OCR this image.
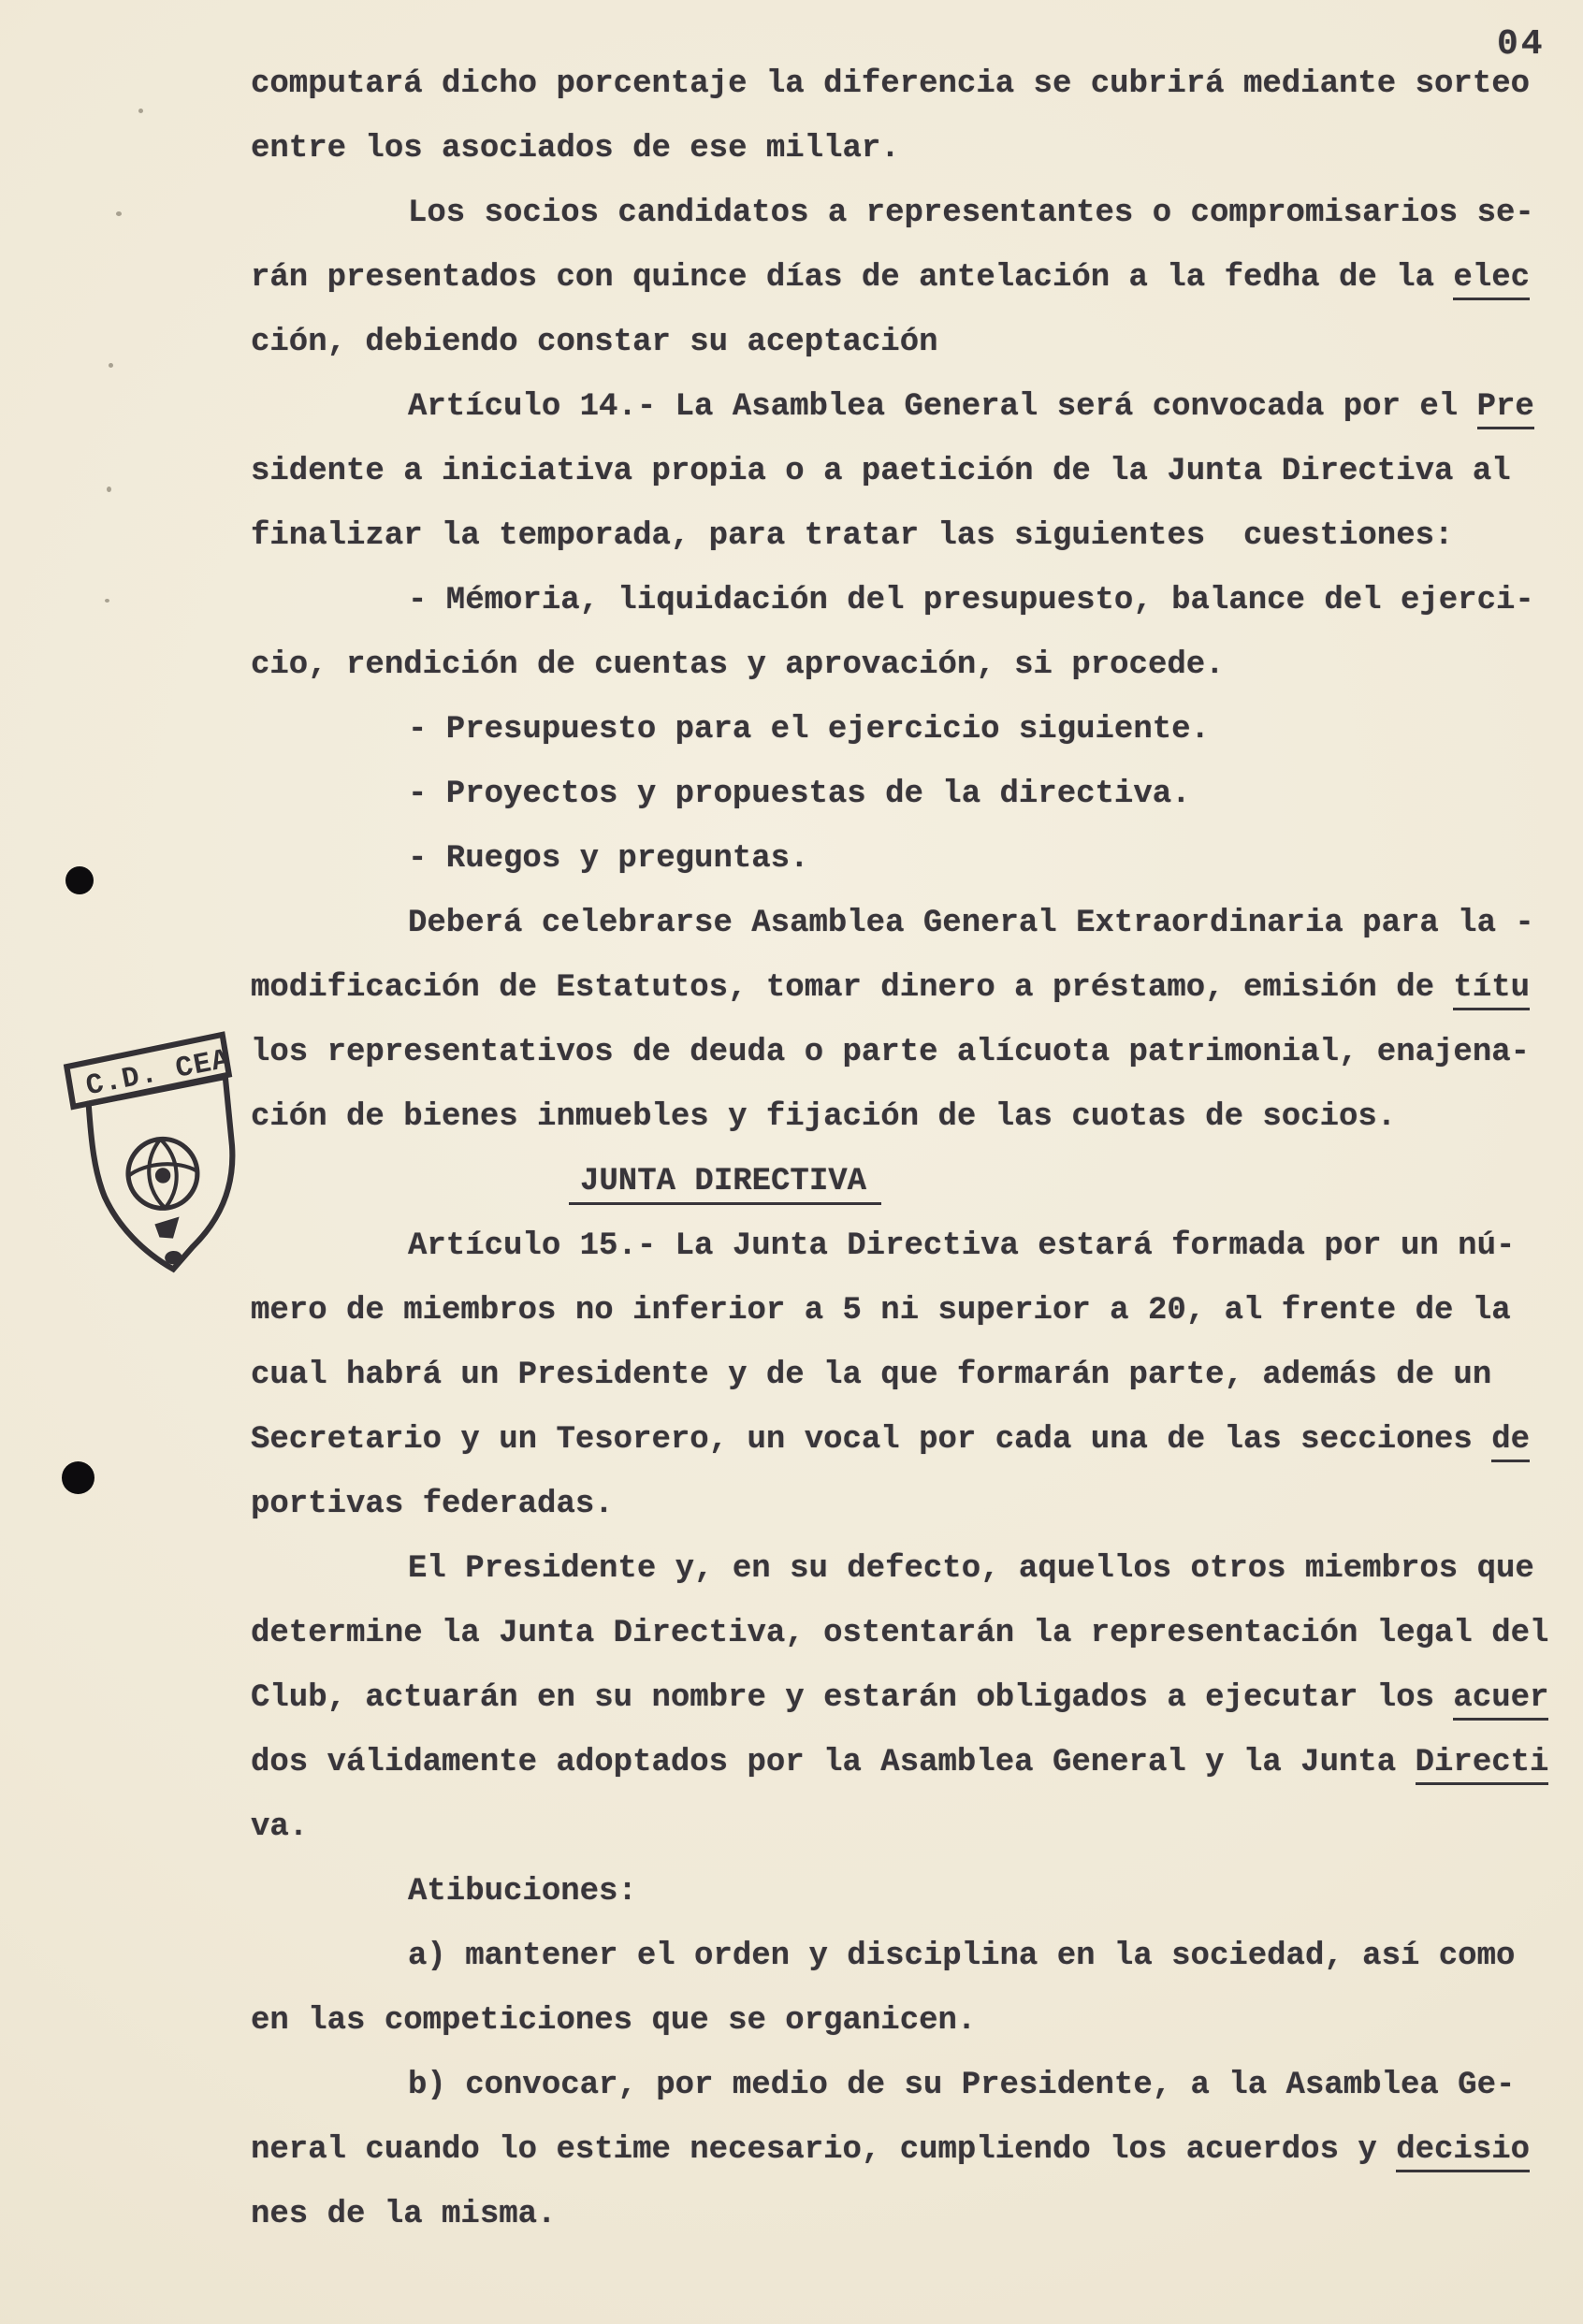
04
computará dicho porcentaje la diferencia se cubrirá mediante sorteo
entre los asociados de ese millar.
Los socios candidatos a representantes o compromisarios se-
rán presentados con quince días de antelación a la fedha de la elec
ción, debiendo constar su aceptación
Artículo 14.- La Asamblea General será convocada por el Pre
sidente a iniciativa propia o a paetición de la Junta Directiva al
finalizar la temporada, para tratar las siguientes  cuestiones:
- Mémoria, liquidación del presupuesto, balance del ejerci-
cio, rendición de cuentas y aprovación, si procede.
- Presupuesto para el ejercicio siguiente.
- Proyectos y propuestas de la directiva.
- Ruegos y preguntas.
Deberá celebrarse Asamblea General Extraordinaria para la -
modificación de Estatutos, tomar dinero a préstamo, emisión de títu
los representativos de deuda o parte alícuota patrimonial, enajena-
ción de bienes inmuebles y fijación de las cuotas de socios.
JUNTA DIRECTIVA
Artículo 15.- La Junta Directiva estará formada por un nú-
mero de miembros no inferior a 5 ni superior a 20, al frente de la
cual habrá un Presidente y de la que formarán parte, además de un
Secretario y un Tesorero, un vocal por cada una de las secciones de
portivas federadas.
El Presidente y, en su defecto, aquellos otros miembros que
determine la Junta Directiva, ostentarán la representación legal del
Club, actuarán en su nombre y estarán obligados a ejecutar los acuer
dos válidamente adoptados por la Asamblea General y la Junta Directi
va.
Atibuciones:
a) mantener el orden y disciplina en la sociedad, así como
en las competiciones que se organicen.
b) convocar, por medio de su Presidente, a la Asamblea Ge-
neral cuando lo estime necesario, cumpliendo los acuerdos y decisio
nes de la misma.
C.D. CEA
